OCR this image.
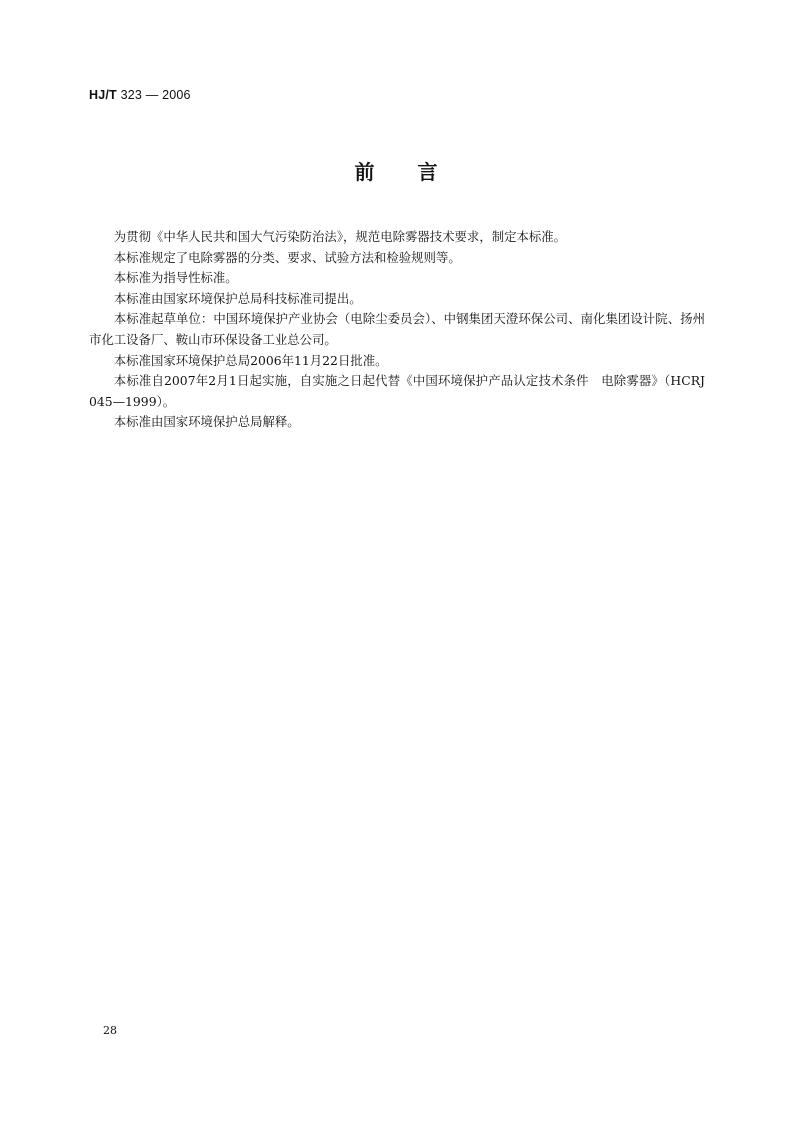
HJ/T 323 — 2006
前　　言

为贯彻《中华人民共和国大气污染防治法》，规范电除雾器技术要求，制定本标准。

本标准规定了电除雾器的分类、要求、试验方法和检验规则等。

本标准为指导性标准。

本标准由国家环境保护总局科技标准司提出。

本标准起草单位：中国环境保护产业协会（电除尘委员会）、中钢集团天澄环保公司、南化集团设计院、扬州市化工设备厂、鞍山市环保设备工业总公司。

本标准国家环境保护总局2006年11月22日批准。

本标准自2007年2月1日起实施，自实施之日起代替《中国环境保护产品认定技术条件　电除雾器》（HCRJ 045—1999）。

本标准由国家环境保护总局解释。

28
